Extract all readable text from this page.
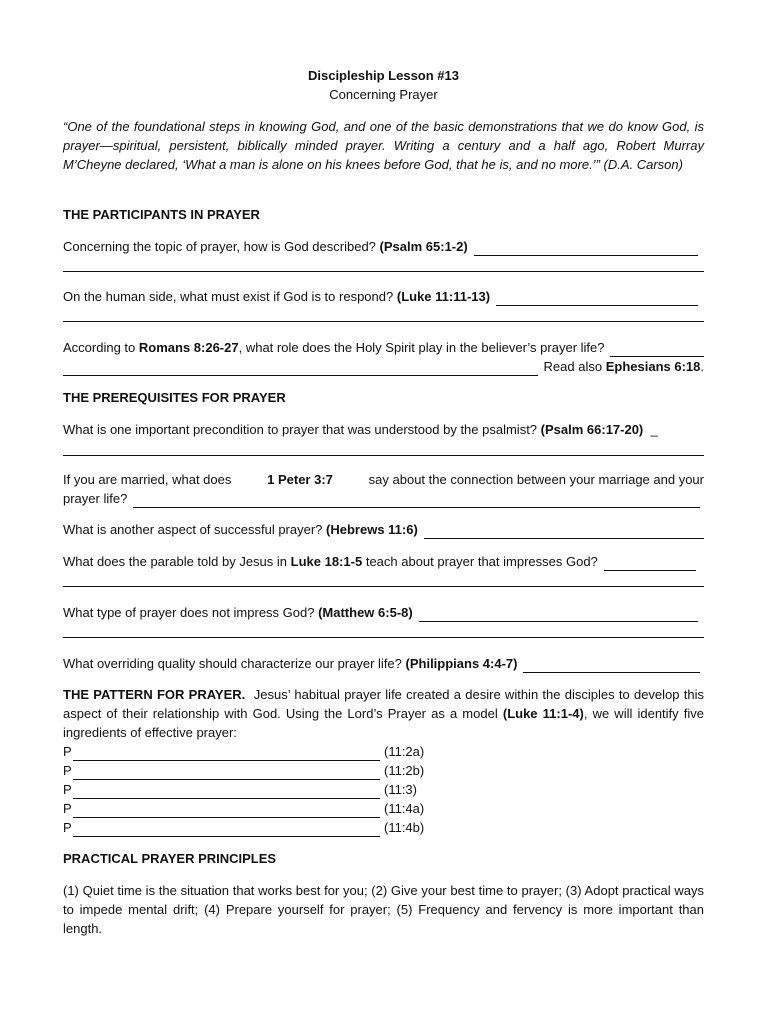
Discipleship Lesson #13
Concerning Prayer
“One of the foundational steps in knowing God, and one of the basic demonstrations that we do know God, is prayer—spiritual, persistent, biblically minded prayer. Writing a century and a half ago, Robert Murray M’Cheyne declared, ‘What a man is alone on his knees before God, that he is, and no more.’” (D.A. Carson)
THE PARTICIPANTS IN PRAYER
Concerning the topic of prayer, how is God described?
(Psalm 65:1-2)
On the human side, what must exist if God is to respond?
(Luke 11:11-13)
According to
Romans 8:26-27 , what role does the Holy Spirit play in the believer’s prayer life?
Read also
Ephesians 6:18 .
THE PREREQUISITES FOR PRAYER
What is one important precondition to prayer that was understood by the psalmist?
(Psalm 66:17-20)
_
If you are married, what does	1 Peter 3:7	say about the connection between your marriage and your
prayer life?
What is another aspect of successful prayer?
(Hebrews 11:6)
What does the parable told by Jesus in
Luke 18:1-5
teach about prayer that impresses God?
What type of prayer does not impress God?
(Matthew 6:5-8)
What overriding quality should characterize our prayer life?
(Philippians 4:4-7)
THE PATTERN FOR PRAYER. Jesus’ habitual prayer life created a desire within the disciples to develop this aspect of their relationship with God. Using the Lord’s Prayer as a model (Luke 11:1-4), we will identify five ingredients of effective prayer:
P	(11:2a)
P	(11:2b)
P	(11:3)
P	(11:4a)
P	(11:4b)
PRACTICAL PRAYER PRINCIPLES
(1) Quiet time is the situation that works best for you; (2) Give your best time to prayer; (3) Adopt practical ways to impede mental drift; (4) Prepare yourself for prayer; (5) Frequency and fervency is more important than length.
